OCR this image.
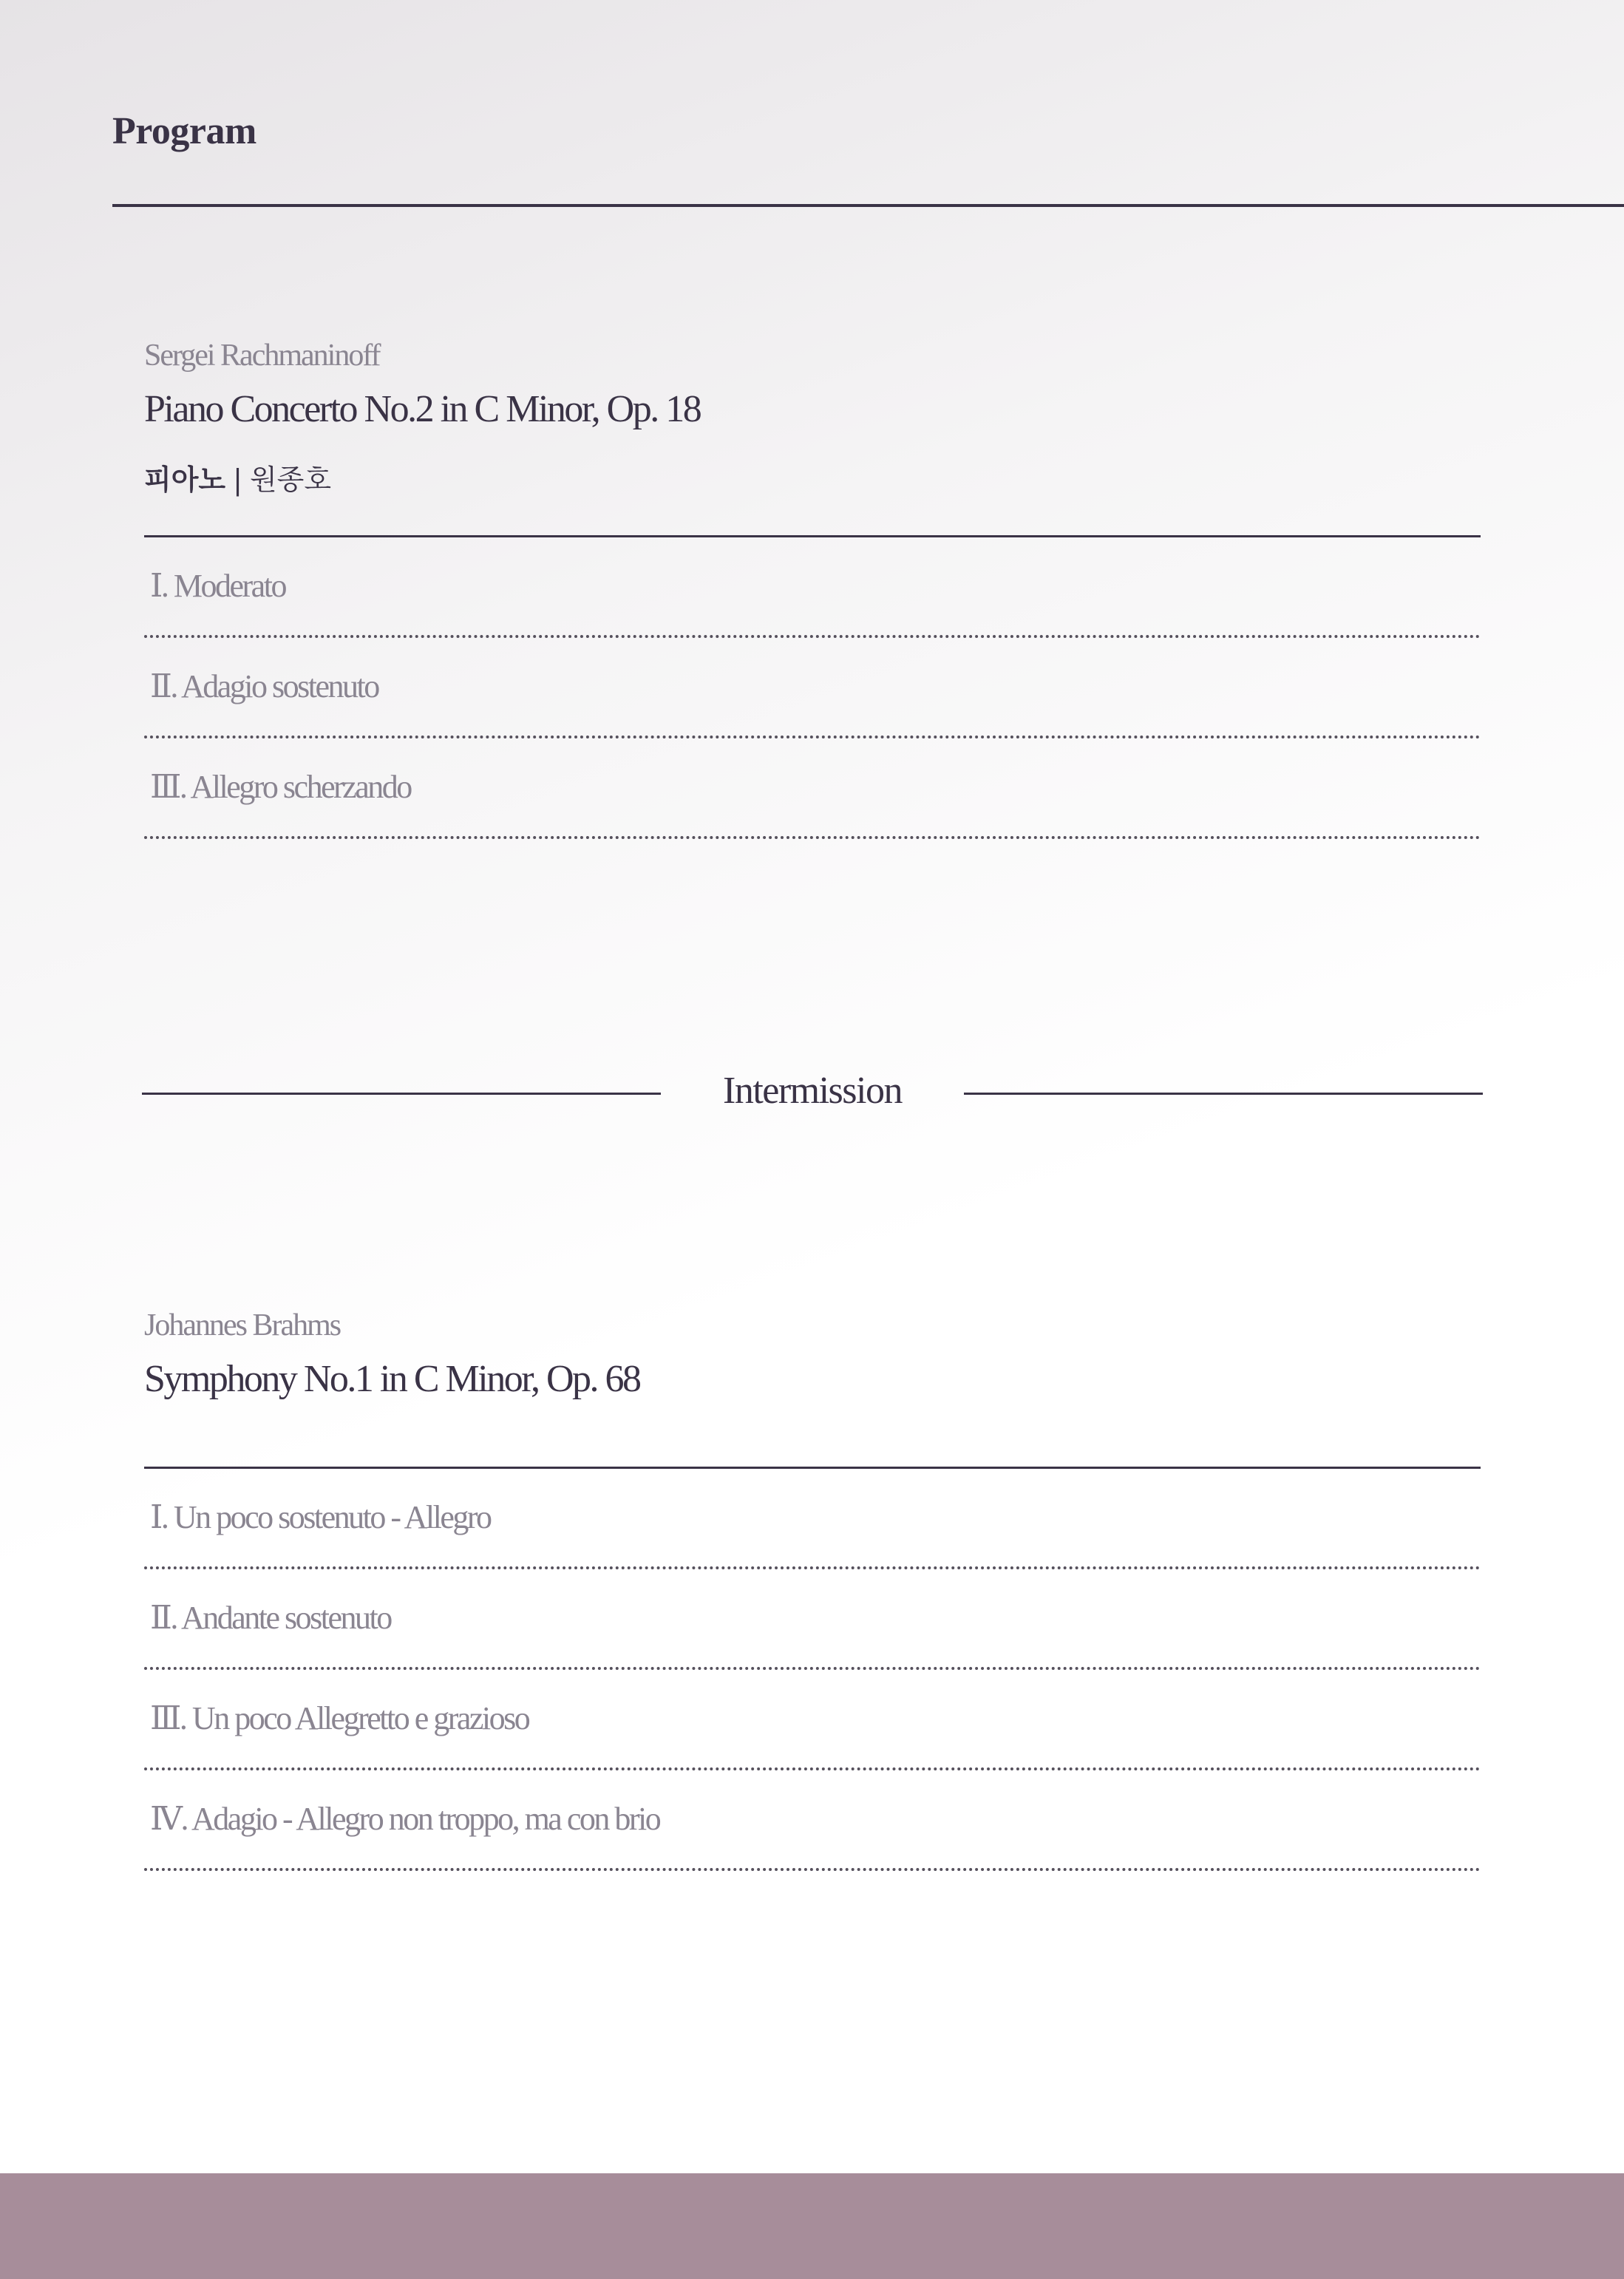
Program
Sergei Rachmaninoff
Piano Concerto No.2 in C Minor, Op. 18
피아노 | 원종호
Ⅰ. Moderato
Ⅱ. Adagio sostenuto
Ⅲ. Allegro scherzando
Intermission
Johannes Brahms
Symphony No.1 in C Minor, Op. 68
Ⅰ. Un poco sostenuto - Allegro
Ⅱ. Andante sostenuto
Ⅲ. Un poco Allegretto e grazioso
Ⅳ. Adagio - Allegro non troppo, ma con brio
